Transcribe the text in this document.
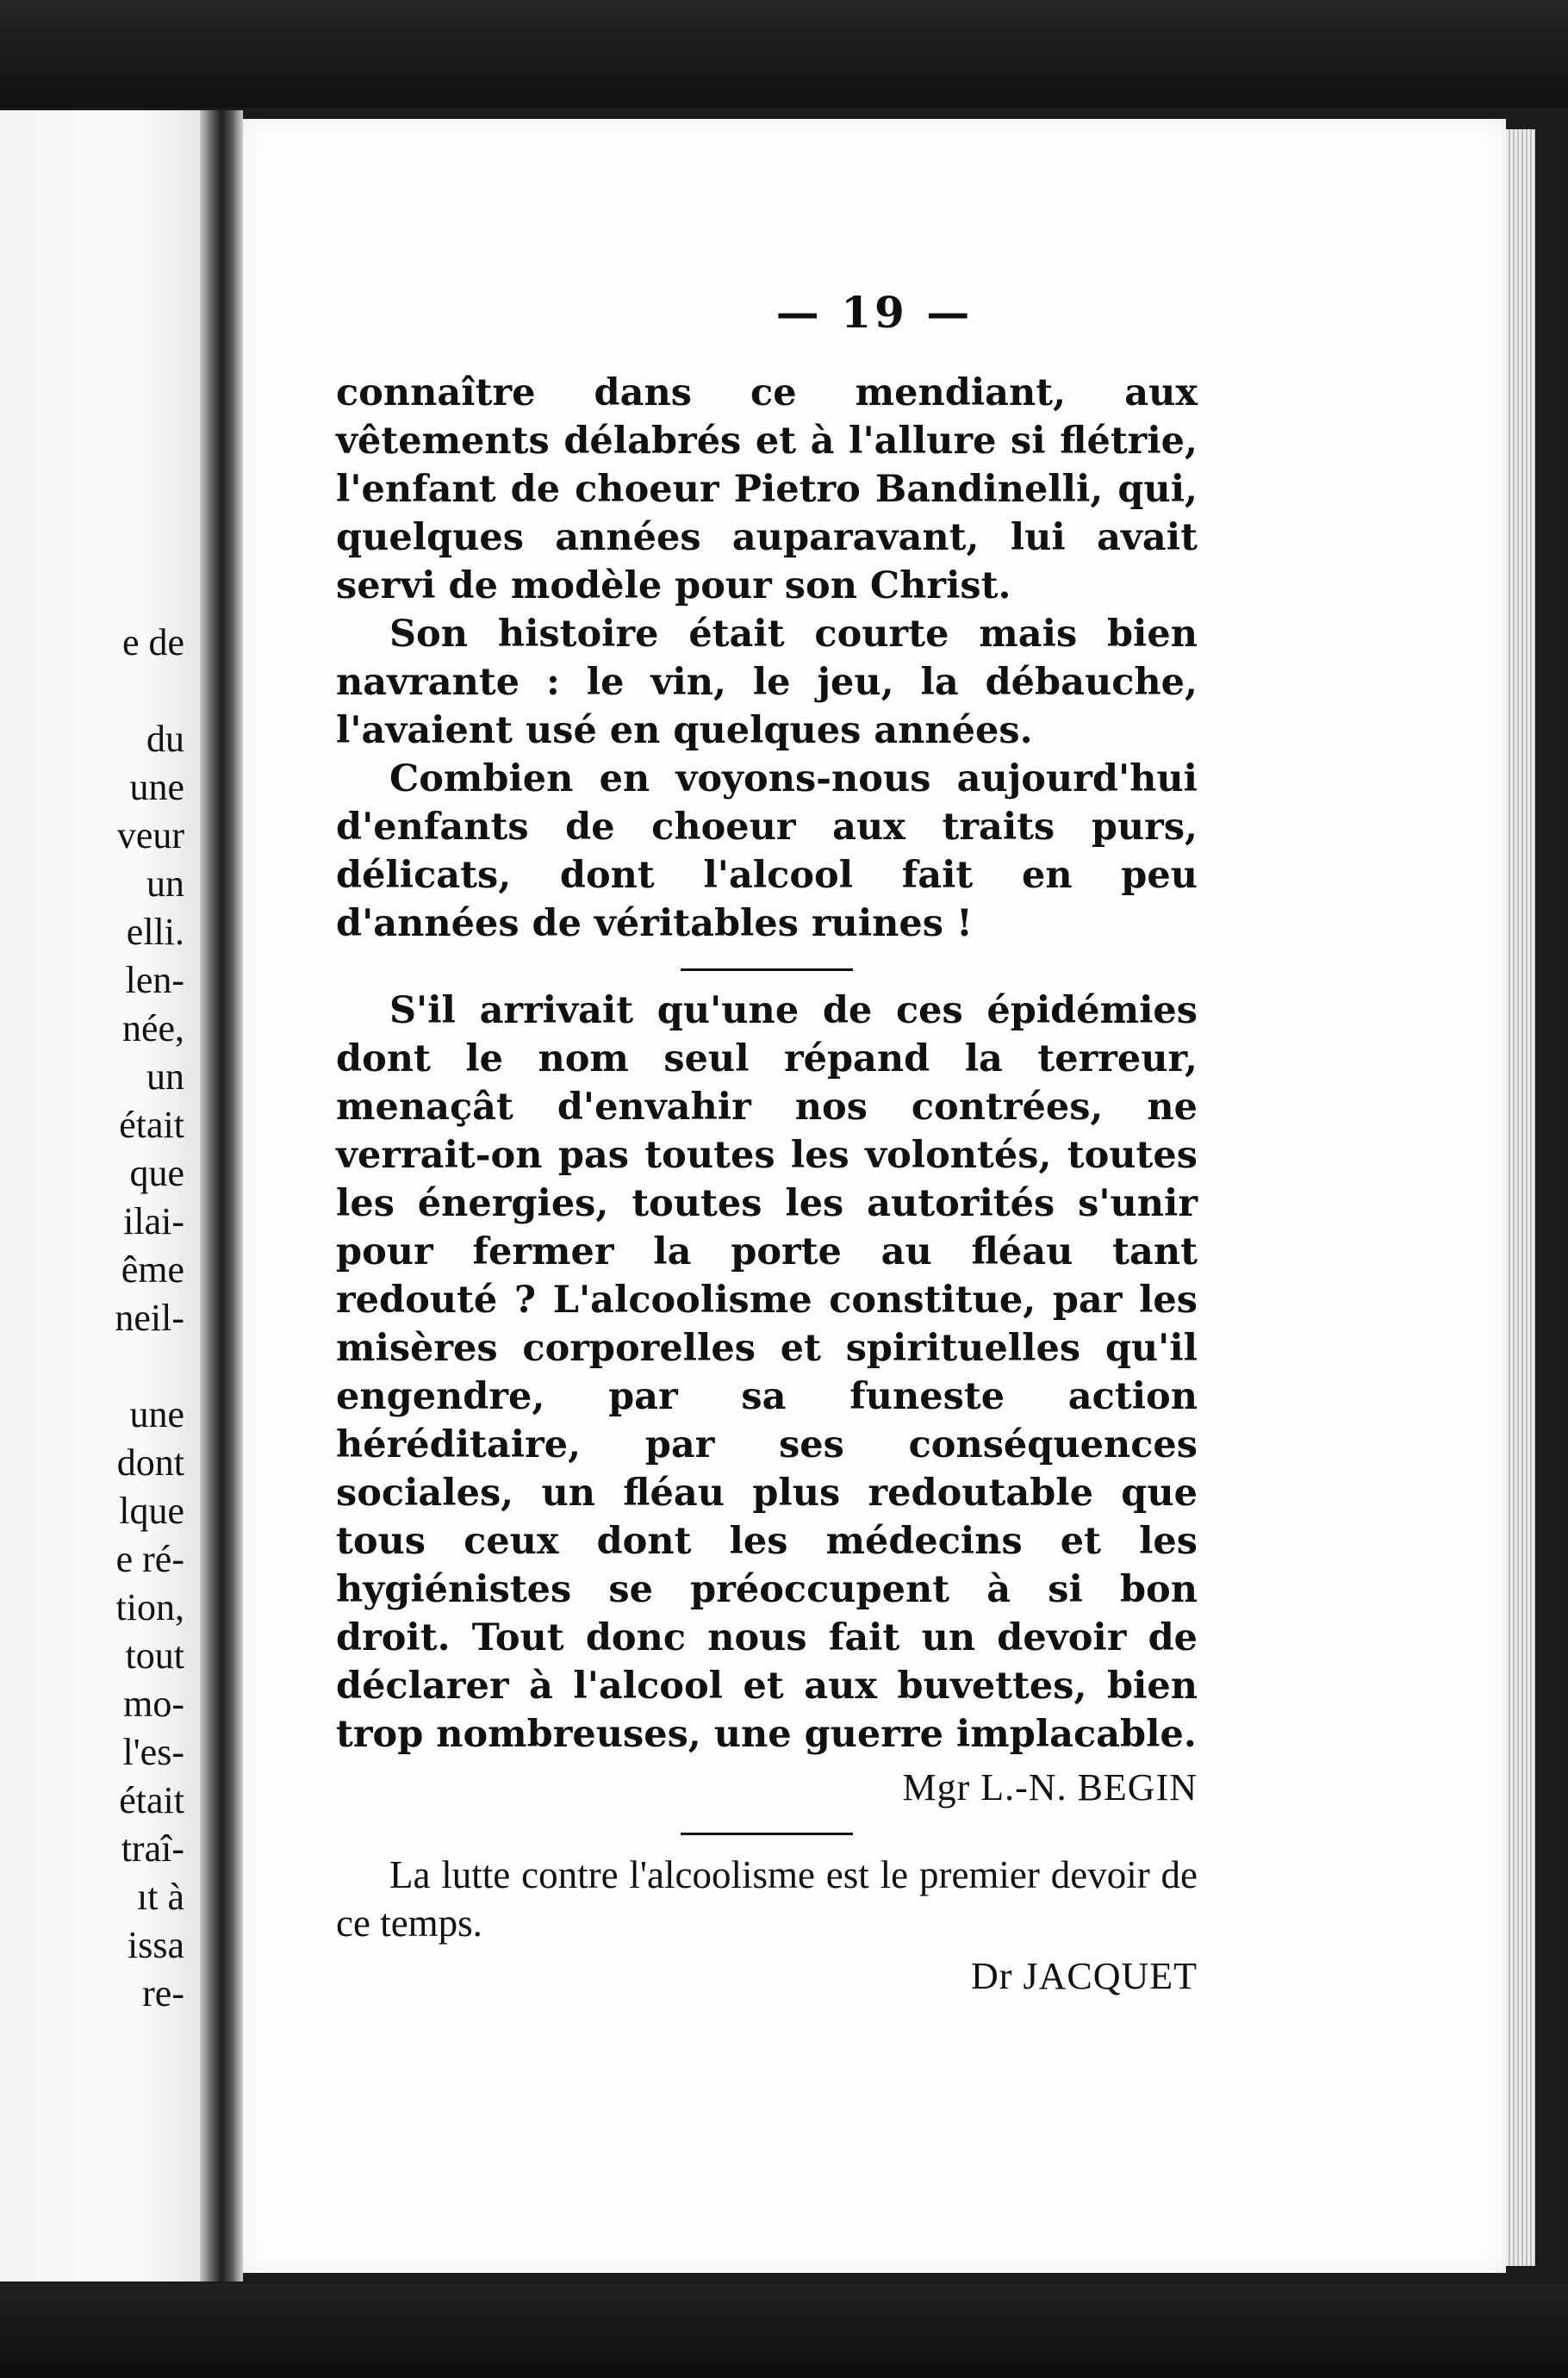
e de
du
une
veur
un
elli.
len-
née,
un
était
que
ilai-
ême
neil-
une
dont
lque
e ré-
tion,
tout
mo-
l'es-
était
traî-
ıt à
issa
re-

— 19 —

connaître dans ce mendiant, aux vêtements délabrés et à l'allure si flétrie, l'enfant de choeur Pietro Bandinelli, qui, quelques années auparavant, lui avait servi de modèle pour son Christ.

Son histoire était courte mais bien navrante : le vin, le jeu, la débauche, l'avaient usé en quelques années.

Combien en voyons-nous aujourd'hui d'enfants de choeur aux traits purs, délicats, dont l'alcool fait en peu d'années de véritables ruines !

S'il arrivait qu'une de ces épidémies dont le nom seul répand la terreur, menaçât d'envahir nos contrées, ne verrait-on pas toutes les volontés, toutes les énergies, toutes les autorités s'unir pour fermer la porte au fléau tant redouté ? L'alcoolisme constitue, par les misères corporelles et spirituelles qu'il engendre, par sa funeste action héréditaire, par ses conséquences sociales, un fléau plus redoutable que tous ceux dont les médecins et les hygiénistes se préoccupent à si bon droit. Tout donc nous fait un devoir de déclarer à l'alcool et aux buvettes, bien trop nombreuses, une guerre implacable.

Mgr L.-N. BEGIN

La lutte contre l'alcoolisme est le premier devoir de ce temps.

Dr JACQUET
